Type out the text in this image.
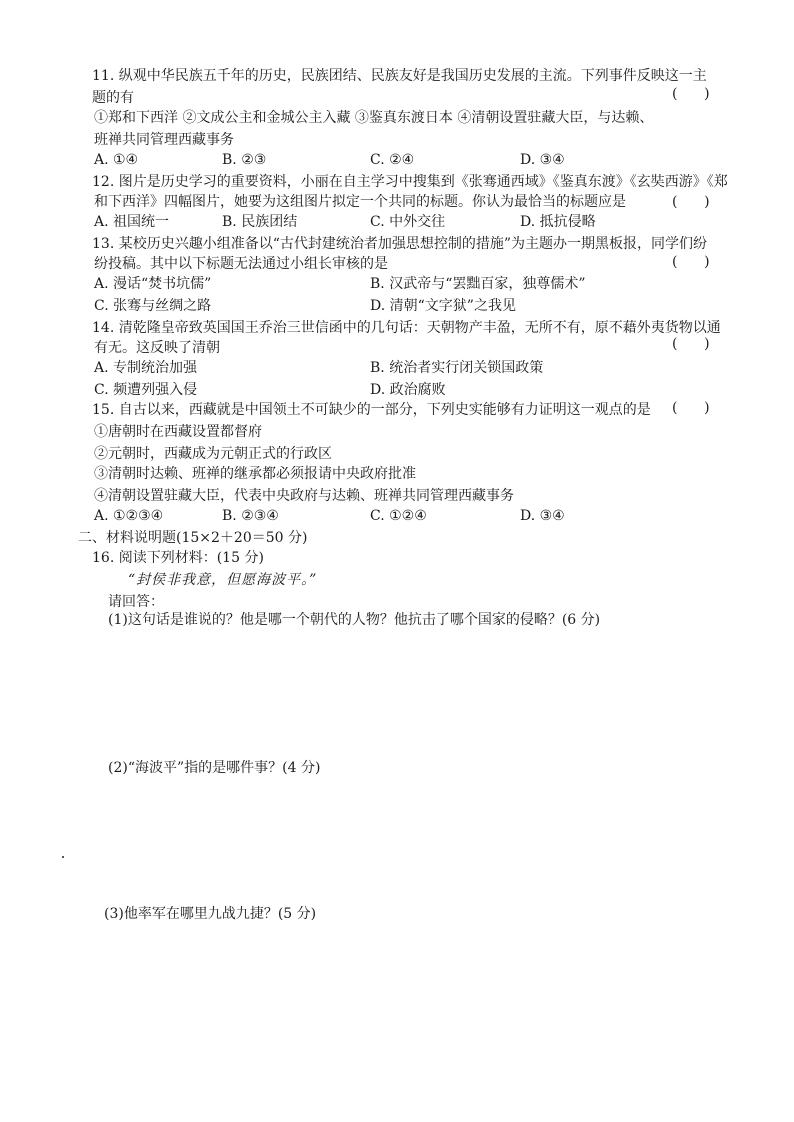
11. 纵观中华民族五千年的历史，民族团结、民族友好是我国历史发展的主流。下列事件反映这一主
题的有	(      )
①郑和下西洋 ②文成公主和金城公主入藏 ③鉴真东渡日本 ④清朝设置驻藏大臣，与达赖、
班禅共同管理西藏事务
A. ①④	B. ②③	C. ②④	D. ③④
12. 图片是历史学习的重要资料，小丽在自主学习中搜集到《张骞通西域》《鉴真东渡》《玄奘西游》《郑
和下西洋》四幅图片，她要为这组图片拟定一个共同的标题。你认为最恰当的标题应是	(      )
A. 祖国统一	B. 民族团结	C. 中外交往	D. 抵抗侵略
13. 某校历史兴趣小组准备以“古代封建统治者加强思想控制的措施”为主题办一期黑板报，同学们纷
纷投稿。其中以下标题无法通过小组长审核的是	(      )
A. 漫话“焚书坑儒”	B. 汉武帝与“罢黜百家，独尊儒术”
C. 张骞与丝绸之路	D. 清朝“文字狱”之我见
14. 清乾隆皇帝致英国国王乔治三世信函中的几句话：天朝物产丰盈，无所不有，原不藉外夷货物以通
有无。这反映了清朝	(      )
A. 专制统治加强	B. 统治者实行闭关锁国政策
C. 频遭列强入侵	D. 政治腐败
15. 自古以来，西藏就是中国领土不可缺少的一部分，下列史实能够有力证明这一观点的是 (      )
①唐朝时在西藏设置都督府
②元朝时，西藏成为元朝正式的行政区
③清朝时达赖、班禅的继承都必须报请中央政府批准
④清朝设置驻藏大臣，代表中央政府与达赖、班禅共同管理西藏事务
A. ①②③④	B. ②③④	C. ①②④	D. ③④
二、材料说明题(15×2＋20＝50 分)
16. 阅读下列材料：(15 分)
“封侯非我意，但愿海波平。”
请回答：
(1)这句话是谁说的？他是哪一个朝代的人物？他抗击了哪个国家的侵略？(6 分)
(2)“海波平”指的是哪件事？(4 分)
(3)他率军在哪里九战九捷？(5 分)
